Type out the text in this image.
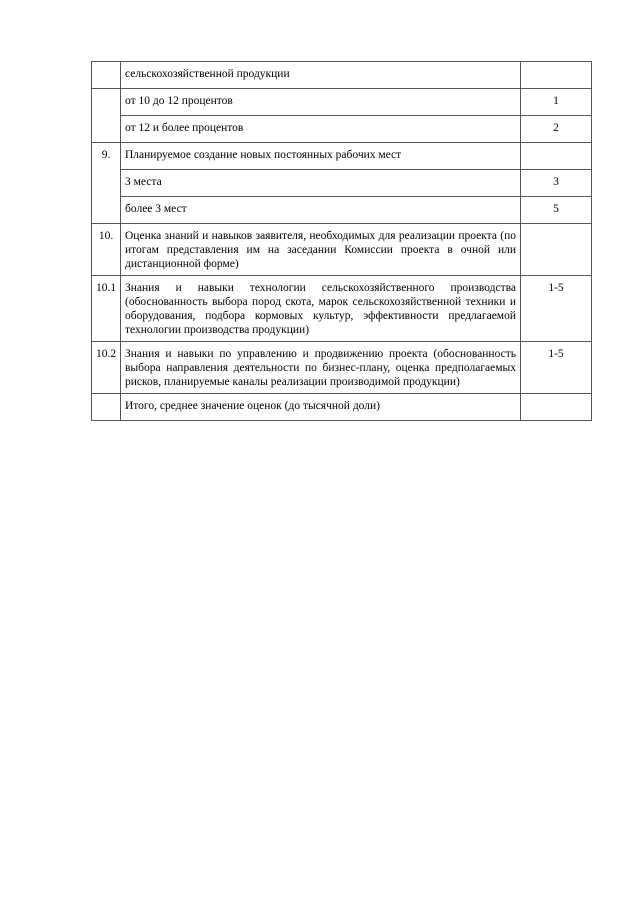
	сельскохозяйственной продукции	

	от 10 до 12 процентов	1

	от 12 и более процентов	2

9.	Планируемое создание новых постоянных рабочих мест	

	3 места	3

	более 3 мест	5

10.	Оценка знаний и навыков заявителя, необходимых для реализации проекта (по итогам представления им на заседании Комиссии проекта в очной или дистанционной форме)	

10.1	Знания и навыки технологии сельскохозяйственного производства (обоснованность выбора пород скота, марок сельскохозяйственной техники и оборудования, подбора кормовых культур, эффективности предлагаемой технологии производства продукции)	1-5

10.2	Знания и навыки по управлению и продвижению проекта (обоснованность выбора направления деятельности по бизнес-плану, оценка предполагаемых рисков, планируемые каналы реализации производимой продукции)	1-5

	Итого, среднее значение оценок (до тысячной доли)	
